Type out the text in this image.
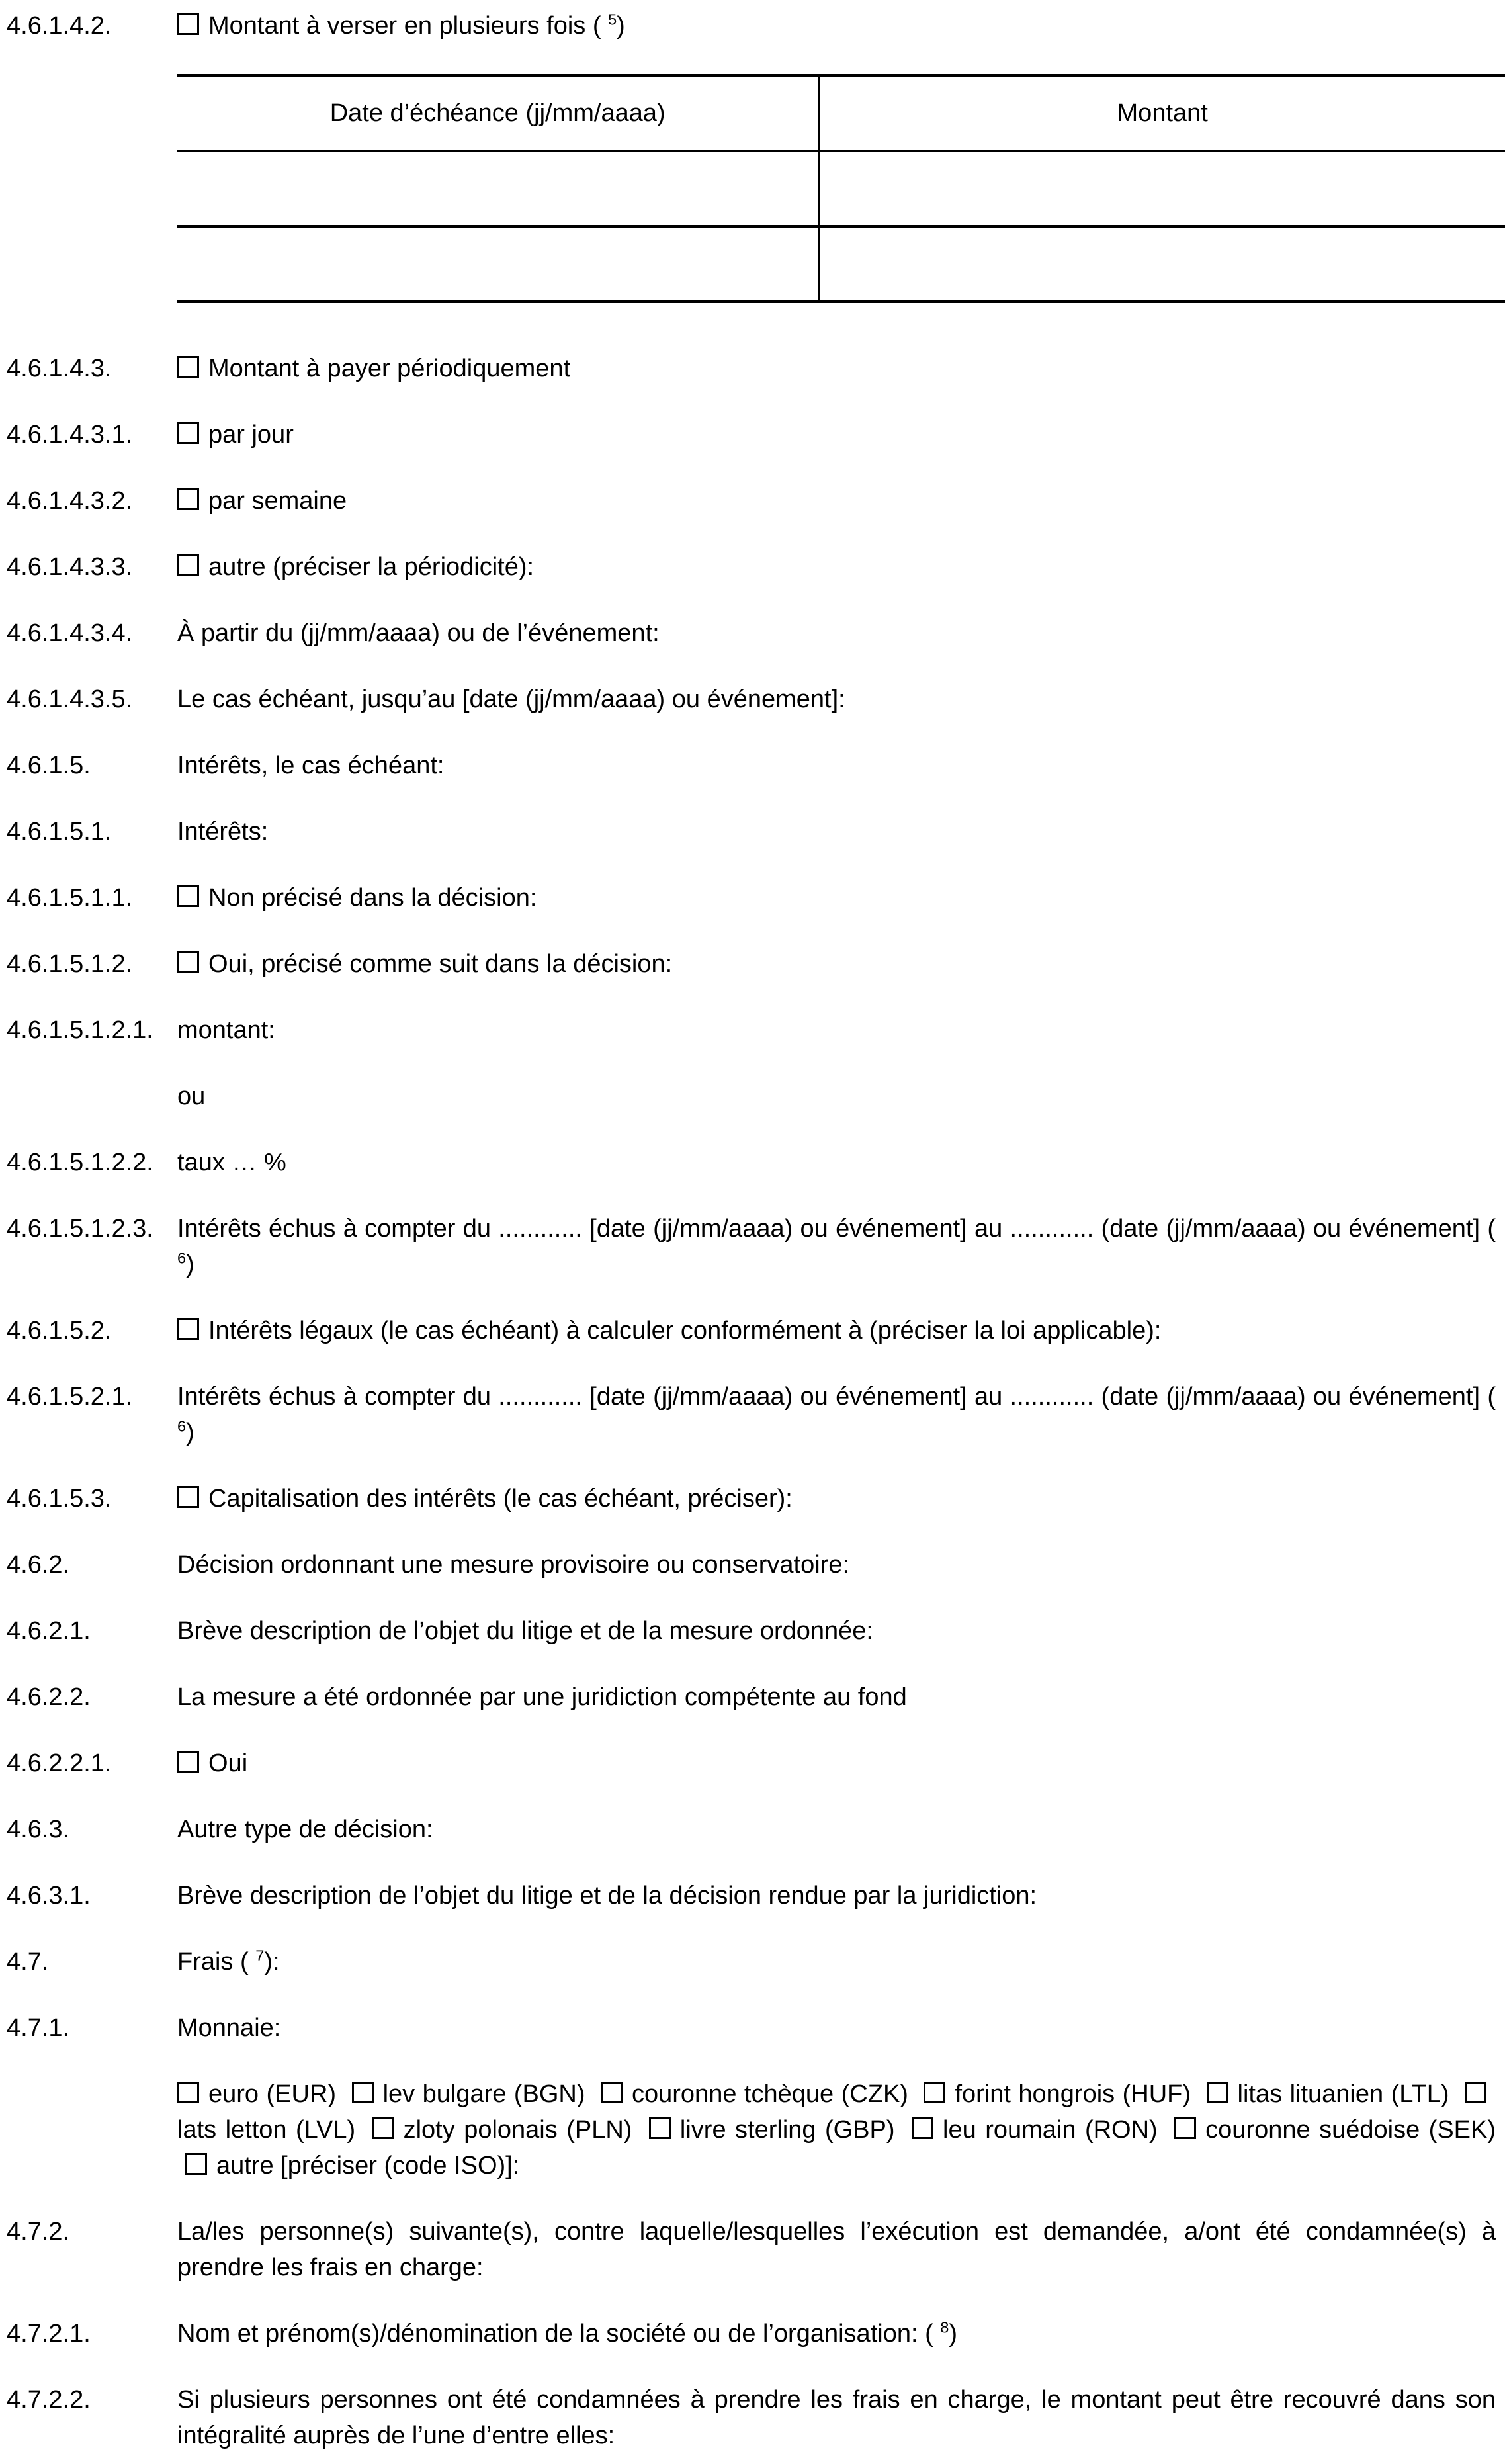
4.6.1.4.2.	Montant à verser en plusieurs fois ( $^5$)
Date d’échéance (jj/mm/aaaa)	Montant
4.6.1.4.3.	Montant à payer périodiquement
4.6.1.4.3.1.	par jour
4.6.1.4.3.2.	par semaine
4.6.1.4.3.3.	autre (préciser la périodicité):
4.6.1.4.3.4.	À partir du (jj/mm/aaaa) ou de l’événement:
4.6.1.4.3.5.	Le cas échéant, jusqu’au [date (jj/mm/aaaa) ou événement]:
4.6.1.5.	Intérêts, le cas échéant:
4.6.1.5.1.	Intérêts:
4.6.1.5.1.1.	Non précisé dans la décision:
4.6.1.5.1.2.	Oui, précisé comme suit dans la décision:
4.6.1.5.1.2.1. montant:
ou
4.6.1.5.1.2.2. taux … %
4.6.1.5.1.2.3. Intérêts échus à compter du ............ [date (jj/mm/aaaa) ou événement] au ............ (date (jj/mm/aaaa) ou événement] ( $^6$)
4.6.1.5.2.	Intérêts légaux (le cas échéant) à calculer conformément à (préciser la loi applicable):
4.6.1.5.2.1.	Intérêts échus à compter du ............ [date (jj/mm/aaaa) ou événement] au ............ (date (jj/mm/aaaa) ou événement] ( $^6$)
4.6.1.5.3.	Capitalisation des intérêts (le cas échéant, préciser):
4.6.2.	Décision ordonnant une mesure provisoire ou conservatoire:
4.6.2.1.	Brève description de l’objet du litige et de la mesure ordonnée:
4.6.2.2.	La mesure a été ordonnée par une juridiction compétente au fond
4.6.2.2.1.	Oui
4.6.3.	Autre type de décision:
4.6.3.1.	Brève description de l’objet du litige et de la décision rendue par la juridiction:
4.7.	Frais ( $^7$):
4.7.1.	Monnaie:
euro (EUR) lev bulgare (BGN) couronne tchèque (CZK) forint hongrois (HUF) litas lituanien (LTL) lats letton (LVL) zloty polonais (PLN) livre sterling (GBP) leu roumain (RON) couronne suédoise (SEK) autre [préciser (code ISO)]:
4.7.2.	La/les personne(s) suivante(s), contre laquelle/lesquelles l’exécution est demandée, a/ont été condamnée(s) à prendre les frais en charge:
4.7.2.1.	Nom et prénom(s)/dénomination de la société ou de l’organisation: ( $^8$)
4.7.2.2.	Si plusieurs personnes ont été condamnées à prendre les frais en charge, le montant peut être recouvré dans son intégralité auprès de l’une d’entre elles:
